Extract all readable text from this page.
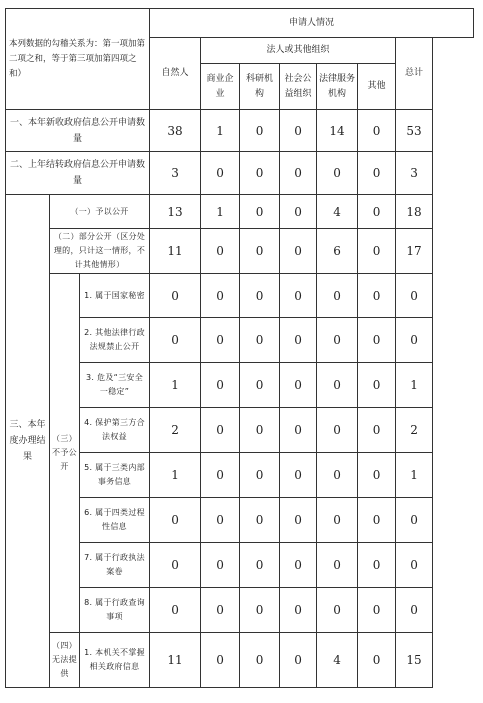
本列数据的勾稽关系为：第一项加第二项之和，等于第三项加第四项之和）			申请人情况						
			自然人	法人或其他组织					总计
				商业企业	科研机构	社会公益组织	法律服务机构	其他	
一、本年新收政府信息公开申请数量			38	1	0	0	14	0	53
二、上年结转政府信息公开申请数量			3	0	0	0	0	0	3
三、本年度办理结果	（一）予以公开		13	1	0	0	4	0	18
	（二）部分公开（区分处理的，只计这一情形，不计其他情形）		11	0	0	0	6	0	17
	（三）不予公开	1. 属于国家秘密	0	0	0	0	0	0	0
		2. 其他法律行政法规禁止公开	0	0	0	0	0	0	0
		3. 危及“三安全一稳定”	1	0	0	0	0	0	1
		4. 保护第三方合法权益	2	0	0	0	0	0	2
		5. 属于三类内部事务信息	1	0	0	0	0	0	1
		6. 属于四类过程性信息	0	0	0	0	0	0	0
		7. 属于行政执法案卷	0	0	0	0	0	0	0
		8. 属于行政查询事项	0	0	0	0	0	0	0
	（四）无法提供	1. 本机关不掌握相关政府信息	11	0	0	0	4	0	15
